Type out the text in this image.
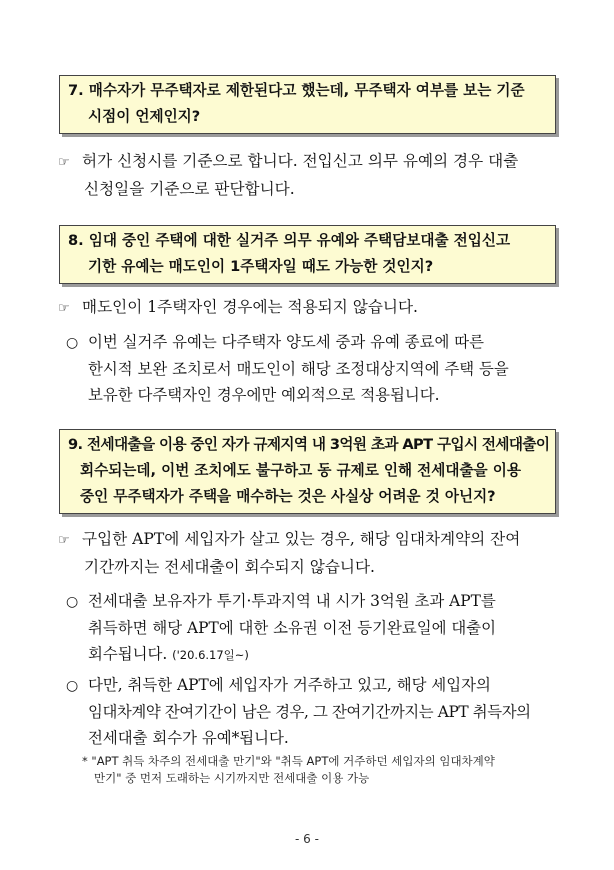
7. 매수자가 무주택자로 제한된다고 했는데, 무주택자 여부를 보는 기준
시점이 언제인지?
☞ 허가 신청시를 기준으로 합니다. 전입신고 의무 유예의 경우 대출
신청일을 기준으로 판단합니다.
8. 임대 중인 주택에 대한 실거주 의무 유예와 주택담보대출 전입신고
기한 유예는 매도인이 1주택자일 때도 가능한 것인지?
☞ 매도인이 1주택자인 경우에는 적용되지 않습니다.
○ 이번 실거주 유예는 다주택자 양도세 중과 유예 종료에 따른
한시적 보완 조치로서 매도인이 해당 조정대상지역에 주택 등을
보유한 다주택자인 경우에만 예외적으로 적용됩니다.
9. 전세대출을 이용 중인 자가 규제지역 내 3억원 초과 APT 구입시 전세대출이
회수되는데, 이번 조치에도 불구하고 동 규제로 인해 전세대출을 이용
중인 무주택자가 주택을 매수하는 것은 사실상 어려운 것 아닌지?
☞ 구입한 APT에 세입자가 살고 있는 경우, 해당 임대차계약의 잔여
기간까지는 전세대출이 회수되지 않습니다.
○ 전세대출 보유자가 투기·투과지역 내 시가 3억원 초과 APT를
취득하면 해당 APT에 대한 소유권 이전 등기완료일에 대출이
회수됩니다. ('20.6.17일~)
○ 다만, 취득한 APT에 세입자가 거주하고 있고, 해당 세입자의
임대차계약 잔여기간이 남은 경우, 그 잔여기간까지는 APT 취득자의
전세대출 회수가 유예*됩니다.
* "APT 취득 차주의 전세대출 만기"와 "취득 APT에 거주하던 세입자의 임대차계약
만기" 중 먼저 도래하는 시기까지만 전세대출 이용 가능
- 6 -
